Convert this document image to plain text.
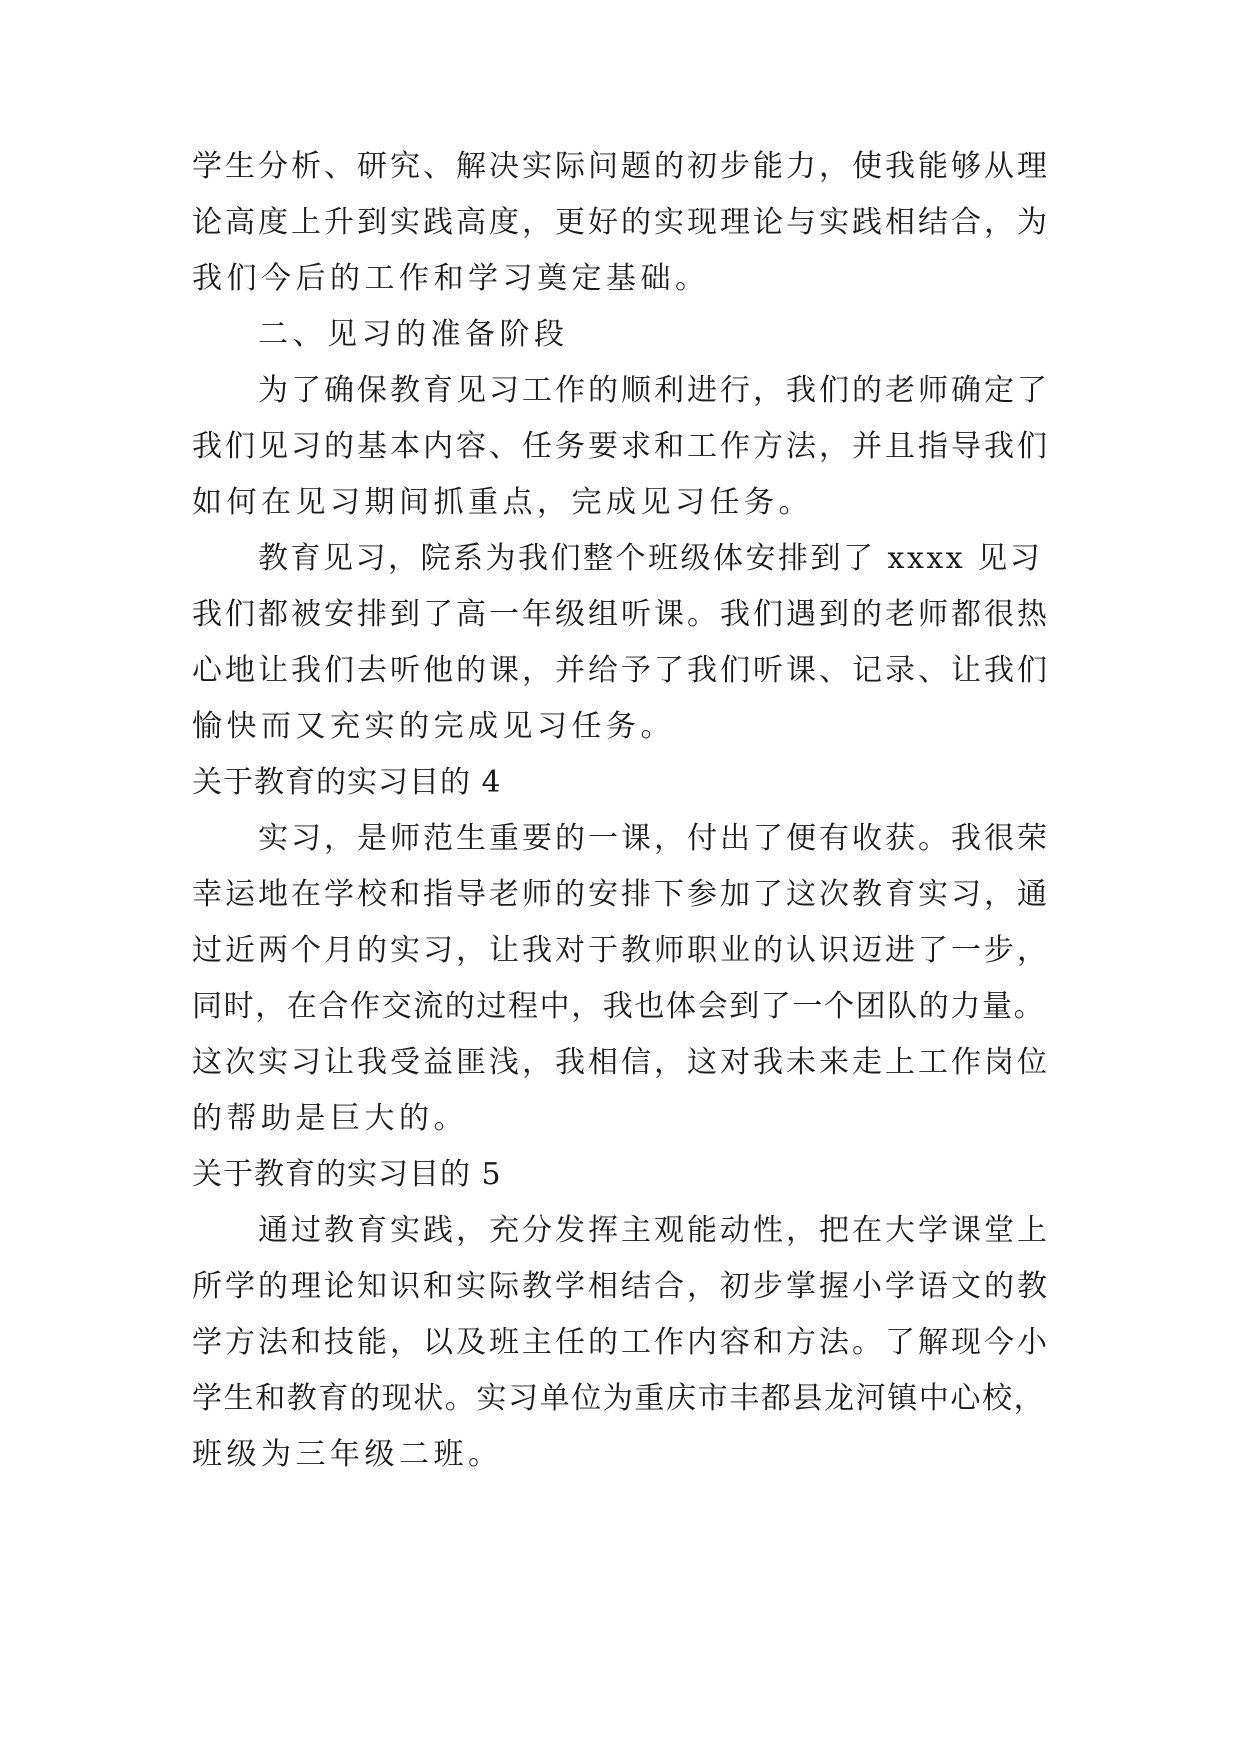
学生分析、研究、解决实际问题的初步能力，使我能够从理
论高度上升到实践高度，更好的实现理论与实践相结合，为
我们今后的工作和学习奠定基础。
二、见习的准备阶段
为了确保教育见习工作的顺利进行，我们的老师确定了
我们见习的基本内容、任务要求和工作方法，并且指导我们
如何在见习期间抓重点，完成见习任务。
教育见习，院系为我们整个班级体安排到了 xxxx 见习
我们都被安排到了高一年级组听课。我们遇到的老师都很热
心地让我们去听他的课，并给予了我们听课、记录、让我们
愉快而又充实的完成见习任务。
关于教育的实习目的 4
实习，是师范生重要的一课，付出了便有收获。我很荣
幸运地在学校和指导老师的安排下参加了这次教育实习，通
过近两个月的实习，让我对于教师职业的认识迈进了一步，
同时，在合作交流的过程中，我也体会到了一个团队的力量。
这次实习让我受益匪浅，我相信，这对我未来走上工作岗位
的帮助是巨大的。
关于教育的实习目的 5
通过教育实践，充分发挥主观能动性，把在大学课堂上
所学的理论知识和实际教学相结合，初步掌握小学语文的教
学方法和技能，以及班主任的工作内容和方法。了解现今小
学生和教育的现状。实习单位为重庆市丰都县龙河镇中心校，
班级为三年级二班。
